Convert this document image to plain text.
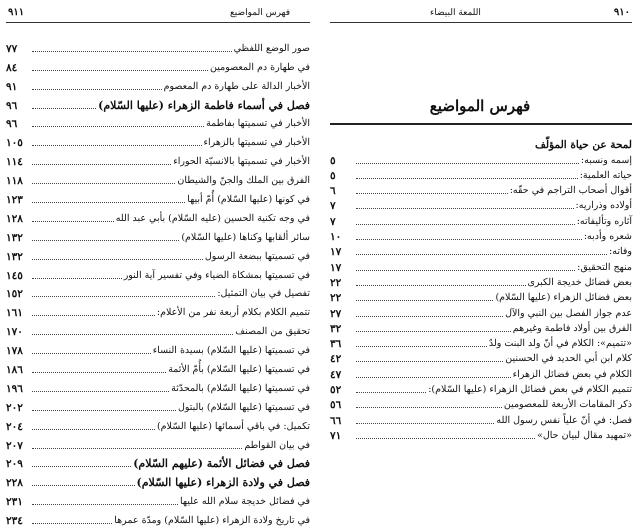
٩١١	فهرس المواضيع
صور الوضع اللفظي
٧٧
في طهارة دم المعصومين
٨٤
الأخبار الدالة على طهارة دم المعصوم
٩١
فصل في أسماء فاطمة الزهراء (عليها السّلام)
٩٦
الأخبار في تسميتها بفاطمة
٩٦
الأخبار في تسميتها بالزهراء
١٠٥
الأخبار في تسميتها بالانسيّة الحوراء
١١٤
الفرق بين الملك والجنّ والشيطان
١١٨
في كونها (عليها السّلام) أُمّ أبيها
١٢٣
في وجه تكنية الحسين (عليه السّلام) بأبي عبد الله
١٢٨
سائر ألقابها وكناها (عليها السّلام)
١٣٢
في تسميتها ببضعة الرسول
١٣٢
في تسميتها بمشكاة الضياء وفي تفسير آية النور
١٤٥
تفصيل في بيان التمثيل:
١٥٢
تتميم الكلام بكلام أربعة نفر من الأعلام:
١٦١
تحقيق من المصنف
١٧٠
في تسميتها (عليها السّلام) بسيدة النساء
١٧٨
في تسميتها (عليها السّلام) بأُمّ الأئمة
١٨٦
في تسميتها (عليها السّلام) بالمحدّثة
١٩٦
في تسميتها (عليها السّلام) بالبتول
٢٠٢
تكميل: في باقي أسمائها (عليها السّلام)
٢٠٤
في بيان القواطم
٢٠٧
فصل في فضائل الأئمة (عليهم السّلام)
٢٠٩
فصل في ولادة الزهراء (عليها السّلام)
٢٢٨
في فضائل خديجة سلام الله عليها
٢٣١
في تاريخ ولادة الزهراء (عليها السّلام) ومدّة عمرها
٢٣٤
اللمعة البيضاء	٩١٠
فهرس المواضيع
لمحة عن حياة المؤلّف
إسمه ونسبه:
٥
حياته العلمية:
٥
أقوال أصحاب التراجم في حقّه:
٦
أولاده وذراريه:
٧
آثاره وتأليفاته:
٧
شعره وأدبه:
١٠
وفاته:
١٧
منهج التحقيق:
١٧
بعض فضائل خديجة الكبرى
٢٢
بعض فضائل الزهراء (عليها السّلام)
٢٢
عدم جواز الفصل بين النبي والآل
٢٧
الفرق بين أولاد فاطمة وغيرهم
٣٢
«تتميم»: الكلام في أنّ ولد البنت ولدٌ
٣٦
كلام ابن أبي الحديد في الحسنين
٤٢
الكلام في بعض فضائل الزهراء
٤٧
تتميم الكلام في بعض فضائل الزهراء (عليها السّلام):
٥٢
ذكر المقامات الأربعة للمعصومين
٥٦
فصل: في أنّ علياً نفس رسول الله
٦٦
«تمهيد مقال لبيان حال»
٧١
